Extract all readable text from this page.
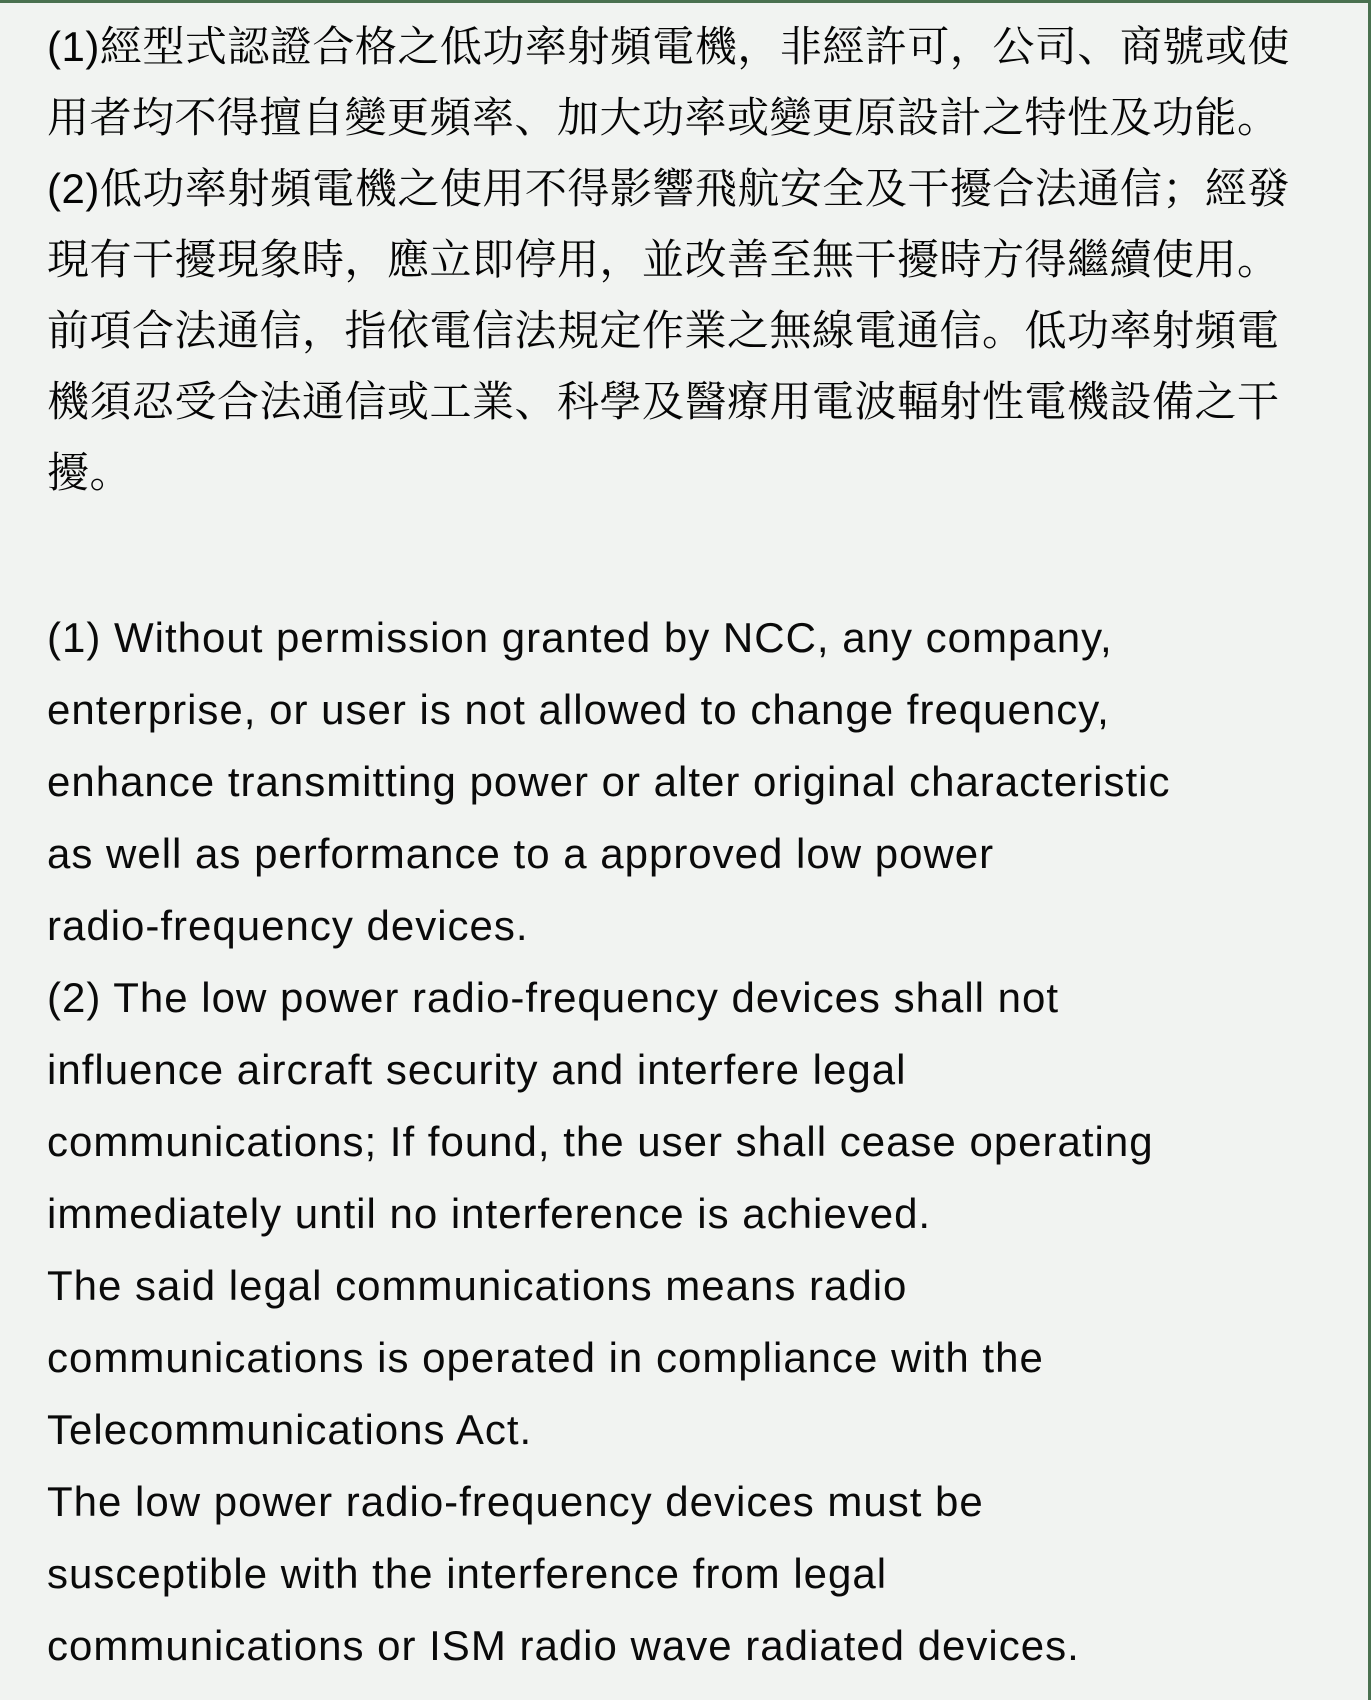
(1)經型式認證合格之低功率射頻電機，非經許可，公司、商號或使
用者均不得擅自變更頻率、加大功率或變更原設計之特性及功能。
(2)低功率射頻電機之使用不得影響飛航安全及干擾合法通信；經發
現有干擾現象時，應立即停用，並改善至無干擾時方得繼續使用。
前項合法通信，指依電信法規定作業之無線電通信。低功率射頻電
機須忍受合法通信或工業、科學及醫療用電波輻射性電機設備之干
擾。
(1) Without permission granted by NCC, any company,
enterprise, or user is not allowed to change frequency,
enhance transmitting power or alter original characteristic
as well as performance to a approved low power
radio-frequency devices.
(2) The low power radio-frequency devices shall not
influence aircraft security and interfere legal
communications; If found, the user shall cease operating
immediately until no interference is achieved.
The said legal communications means radio
communications is operated in compliance with the
Telecommunications Act.
The low power radio-frequency devices must be
susceptible with the interference from legal
communications or ISM radio wave radiated devices.
